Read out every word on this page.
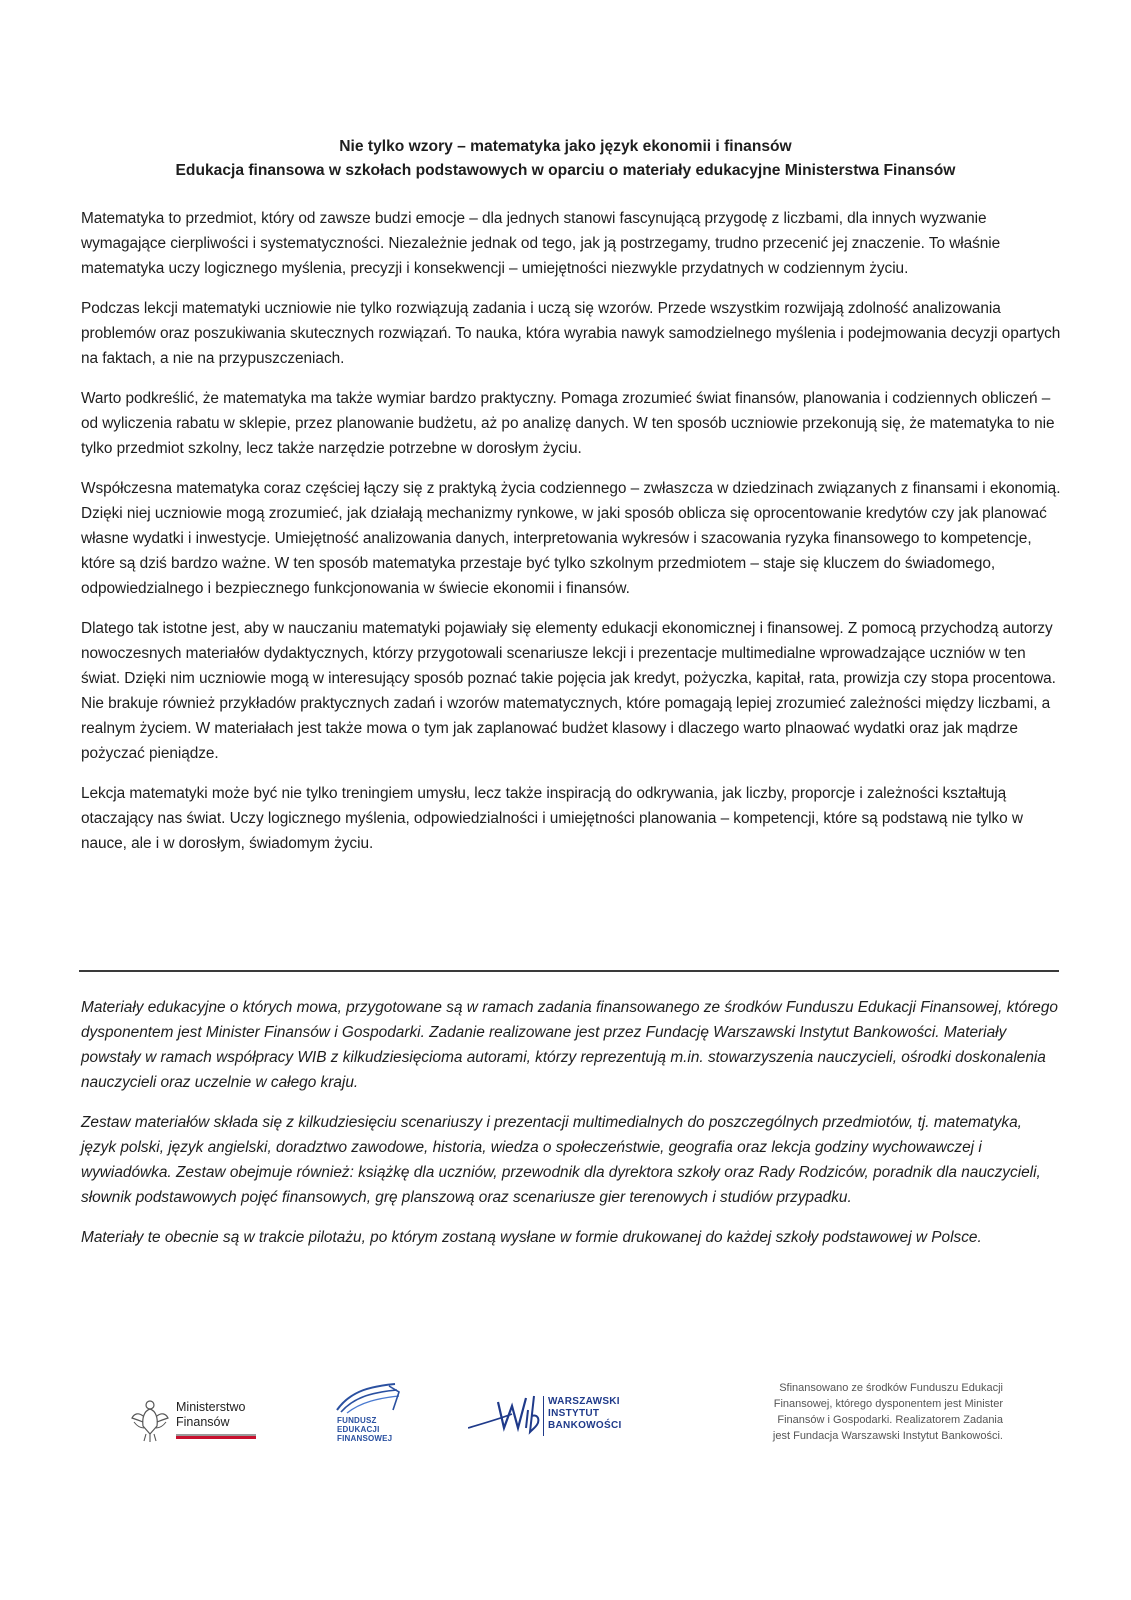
Nie tylko wzory – matematyka jako język ekonomii i finansów
Edukacja finansowa w szkołach podstawowych w oparciu o materiały edukacyjne Ministerstwa Finansów

Matematyka to przedmiot, który od zawsze budzi emocje – dla jednych stanowi fascynującą przygodę z liczbami, dla innych wyzwanie wymagające cierpliwości i systematyczności. Niezależnie jednak od tego, jak ją postrzegamy, trudno przecenić jej znaczenie. To właśnie matematyka uczy logicznego myślenia, precyzji i konsekwencji – umiejętności niezwykle przydatnych w codziennym życiu.

Podczas lekcji matematyki uczniowie nie tylko rozwiązują zadania i uczą się wzorów. Przede wszystkim rozwijają zdolność analizowania problemów oraz poszukiwania skutecznych rozwiązań. To nauka, która wyrabia nawyk samodzielnego myślenia i podejmowania decyzji opartych na faktach, a nie na przypuszczeniach.

Warto podkreślić, że matematyka ma także wymiar bardzo praktyczny. Pomaga zrozumieć świat finansów, planowania i codziennych obliczeń – od wyliczenia rabatu w sklepie, przez planowanie budżetu, aż po analizę danych. W ten sposób uczniowie przekonują się, że matematyka to nie tylko przedmiot szkolny, lecz także narzędzie potrzebne w dorosłym życiu.

Współczesna matematyka coraz częściej łączy się z praktyką życia codziennego – zwłaszcza w dziedzinach związanych z finansami i ekonomią. Dzięki niej uczniowie mogą zrozumieć, jak działają mechanizmy rynkowe, w jaki sposób oblicza się oprocentowanie kredytów czy jak planować własne wydatki i inwestycje. Umiejętność analizowania danych, interpretowania wykresów i szacowania ryzyka finansowego to kompetencje, które są dziś bardzo ważne. W ten sposób matematyka przestaje być tylko szkolnym przedmiotem – staje się kluczem do świadomego, odpowiedzialnego i bezpiecznego funkcjonowania w świecie ekonomii i finansów.

Dlatego tak istotne jest, aby w nauczaniu matematyki pojawiały się elementy edukacji ekonomicznej i finansowej. Z pomocą przychodzą autorzy nowoczesnych materiałów dydaktycznych, którzy przygotowali scenariusze lekcji i prezentacje multimedialne wprowadzające uczniów w ten świat. Dzięki nim uczniowie mogą w interesujący sposób poznać takie pojęcia jak kredyt, pożyczka, kapitał, rata, prowizja czy stopa procentowa. Nie brakuje również przykładów praktycznych zadań i wzorów matematycznych, które pomagają lepiej zrozumieć zależności między liczbami, a realnym życiem. W materiałach jest także mowa o tym jak zaplanować budżet klasowy i dlaczego warto plnaować wydatki oraz jak mądrze pożyczać pieniądze.

Lekcja matematyki może być nie tylko treningiem umysłu, lecz także inspiracją do odkrywania, jak liczby, proporcje i zależności kształtują otaczający nas świat. Uczy logicznego myślenia, odpowiedzialności i umiejętności planowania – kompetencji, które są podstawą nie tylko w nauce, ale i w dorosłym, świadomym życiu.

Materiały edukacyjne o których mowa, przygotowane są w ramach zadania finansowanego ze środków Funduszu Edukacji Finansowej, którego dysponentem jest Minister Finansów i Gospodarki. Zadanie realizowane jest przez Fundację Warszawski Instytut Bankowości. Materiały powstały w ramach współpracy WIB z kilkudziesięcioma autorami, którzy reprezentują m.in. stowarzyszenia nauczycieli, ośrodki doskonalenia nauczycieli oraz uczelnie w całego kraju.

Zestaw materiałów składa się z kilkudziesięciu scenariuszy i prezentacji multimedialnych do poszczególnych przedmiotów, tj. matematyka, język polski, język angielski, doradztwo zawodowe, historia, wiedza o społeczeństwie, geografia oraz lekcja godziny wychowawczej i wywiadówka. Zestaw obejmuje również: książkę dla uczniów, przewodnik dla dyrektora szkoły oraz Rady Rodziców, poradnik dla nauczycieli, słownik podstawowych pojęć finansowych, grę planszową oraz scenariusze gier terenowych i studiów przypadku.

Materiały te obecnie są w trakcie pilotażu, po którym zostaną wysłane w formie drukowanej do każdej szkoły podstawowej w Polsce.

Ministerstwo
Finansów	FUNDUSZ
EDUKACJI
FINANSOWEJ
WARSZAWSKI
INSTYTUT
BANKOWOŚCI
Sfinansowano ze środków Funduszu Edukacji
Finansowej, którego dysponentem jest Minister
Finansów i Gospodarki. Realizatorem Zadania
jest Fundacja Warszawski Instytut Bankowości.
